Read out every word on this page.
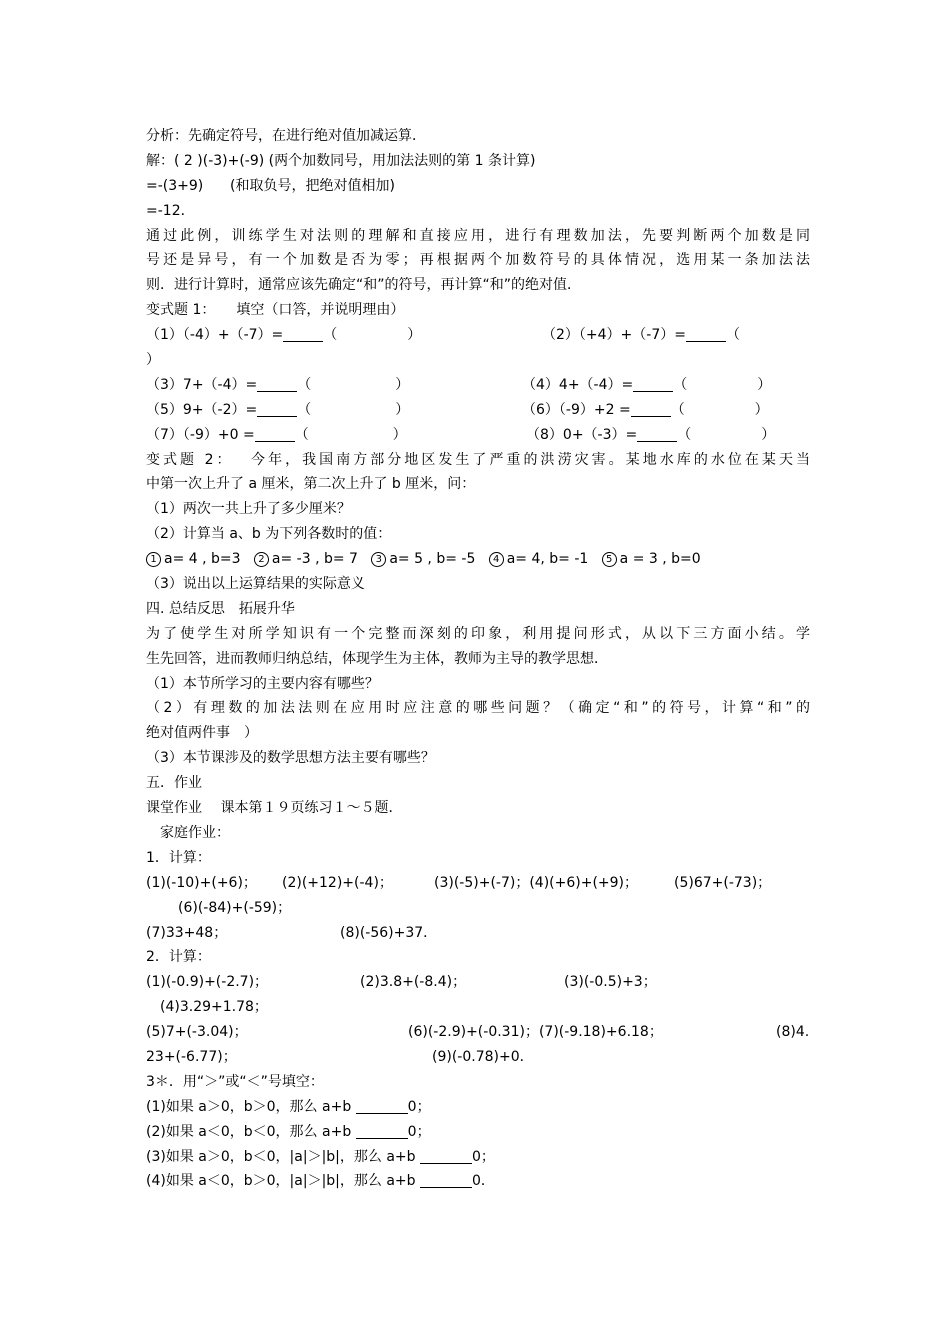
分析：先确定符号，在进行绝对值加减运算．
解：( 2 )(-3)+(-9) (两个加数同号，用加法法则的第 1 条计算)
=-(3+9) (和取负号，把绝对值相加)
=-12．
通过此例，训练学生对法则的理解和直接应用，进行有理数加法，先要判断两个加数是同
号还是异号，有一个加数是否为零；再根据两个加数符号的具体情况，选用某一条加法法
则．进行计算时，通常应该先确定“和”的符号，再计算“和”的绝对值．
变式题 1：　　填空（口答，并说明理由）
（1）（-4）+（-7）=	（　　　　　）	（2）（+4）+（-7）=	（
）
（3）7+（-4）=	（　　　　　　）	（4）4+（-4）=	（　　　　　）
（5）9+（-2）=	（　　　　　　）	（6）（-9）+2 =	（　　　　　）
（7）（-9）+0 =	（　　　　　　）	（8）0+（-3）=	（　　　　　）
变式题 2：　 今年，我国南方部分地区发生了严重的洪涝灾害。某地水库的水位在某天当
中第一次上升了 a 厘米，第二次上升了 b 厘米，问：
（1）两次一共上升了多少厘米？
（2）计算当 a、b 为下列各数时的值：
1 a= 4 , b=3 2 a= -3 , b= 7 3 a= 5 , b= -5 4 a= 4, b= -1 5 a = 3 , b=0
（3）说出以上运算结果的实际意义
四. 总结反思　拓展升华
为了使学生对所学知识有一个完整而深刻的印象，利用提问形式，从以下三方面小结。学
生先回答，进而教师归纳总结，体现学生为主体，教师为主导的教学思想．
（1）本节所学习的主要内容有哪些？
（2）有理数的加法法则在应用时应注意的哪些问题？（确定“和”的符号，计算“和”的
绝对值两件事　）
（3）本节课涉及的数学思想方法主要有哪些？
五．作业
课堂作业　 课本第１９页练习１～５题．
　家庭作业：
1．计算：
(1)(-10)+(+6)； (2)(+12)+(-4)；	(3)(-5)+(-7)；(4)(+6)+(+9)；	(5)67+(-73)；
(6)(-84)+(-59)；
(7)33+48；	(8)(-56)+37．
2．计算：
(1)(-0.9)+(-2.7)；	(2)3.8+(-8.4)；	(3)(-0.5)+3；
(4)3.29+1.78；
(5)7+(-3.04)；	(6)(-2.9)+(-0.31)；(7)(-9.18)+6.18；	(8)4.
23+(-6.77)；	(9)(-0.78)+0．
3＊．用“＞”或“＜”号填空：
(1)如果 a＞0，b＞0，那么 a+b	0；
(2)如果 a＜0，b＜0，那么 a+b	0；
(3)如果 a＞0，b＜0，|a|＞|b|，那么 a+b	0；
(4)如果 a＜0，b＞0，|a|＞|b|，那么 a+b	0．
